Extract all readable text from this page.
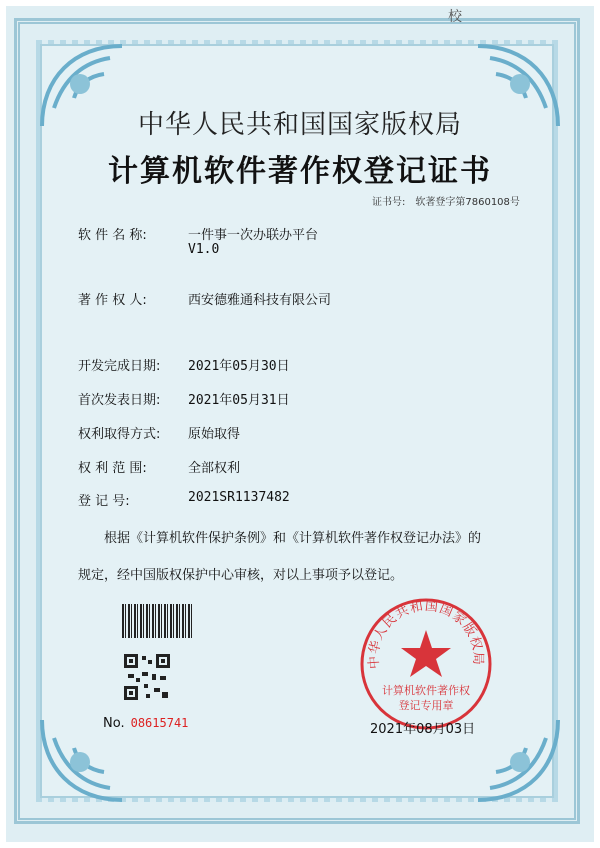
校
中华人民共和国国家版权局
计算机软件著作权登记证书
证书号: 软著登字第7860108号
软 件 名 称:	一件事一次办联办平台
V1.0
著 作 权 人:	西安德雅通科技有限公司
开发完成日期: 2021年05月30日
首次发表日期: 2021年05月31日
权利取得方式: 原始取得
权 利 范 围:	全部权利
登 记 号:	2021SR1137482
根据《计算机软件保护条例》和《计算机软件著作权登记办法》的
规定，经中国版权保护中心审核，对以上事项予以登记。
No. 08615741
中华人民共和国国家版权局
计算机软件著作权
登记专用章
2021年08月03日
